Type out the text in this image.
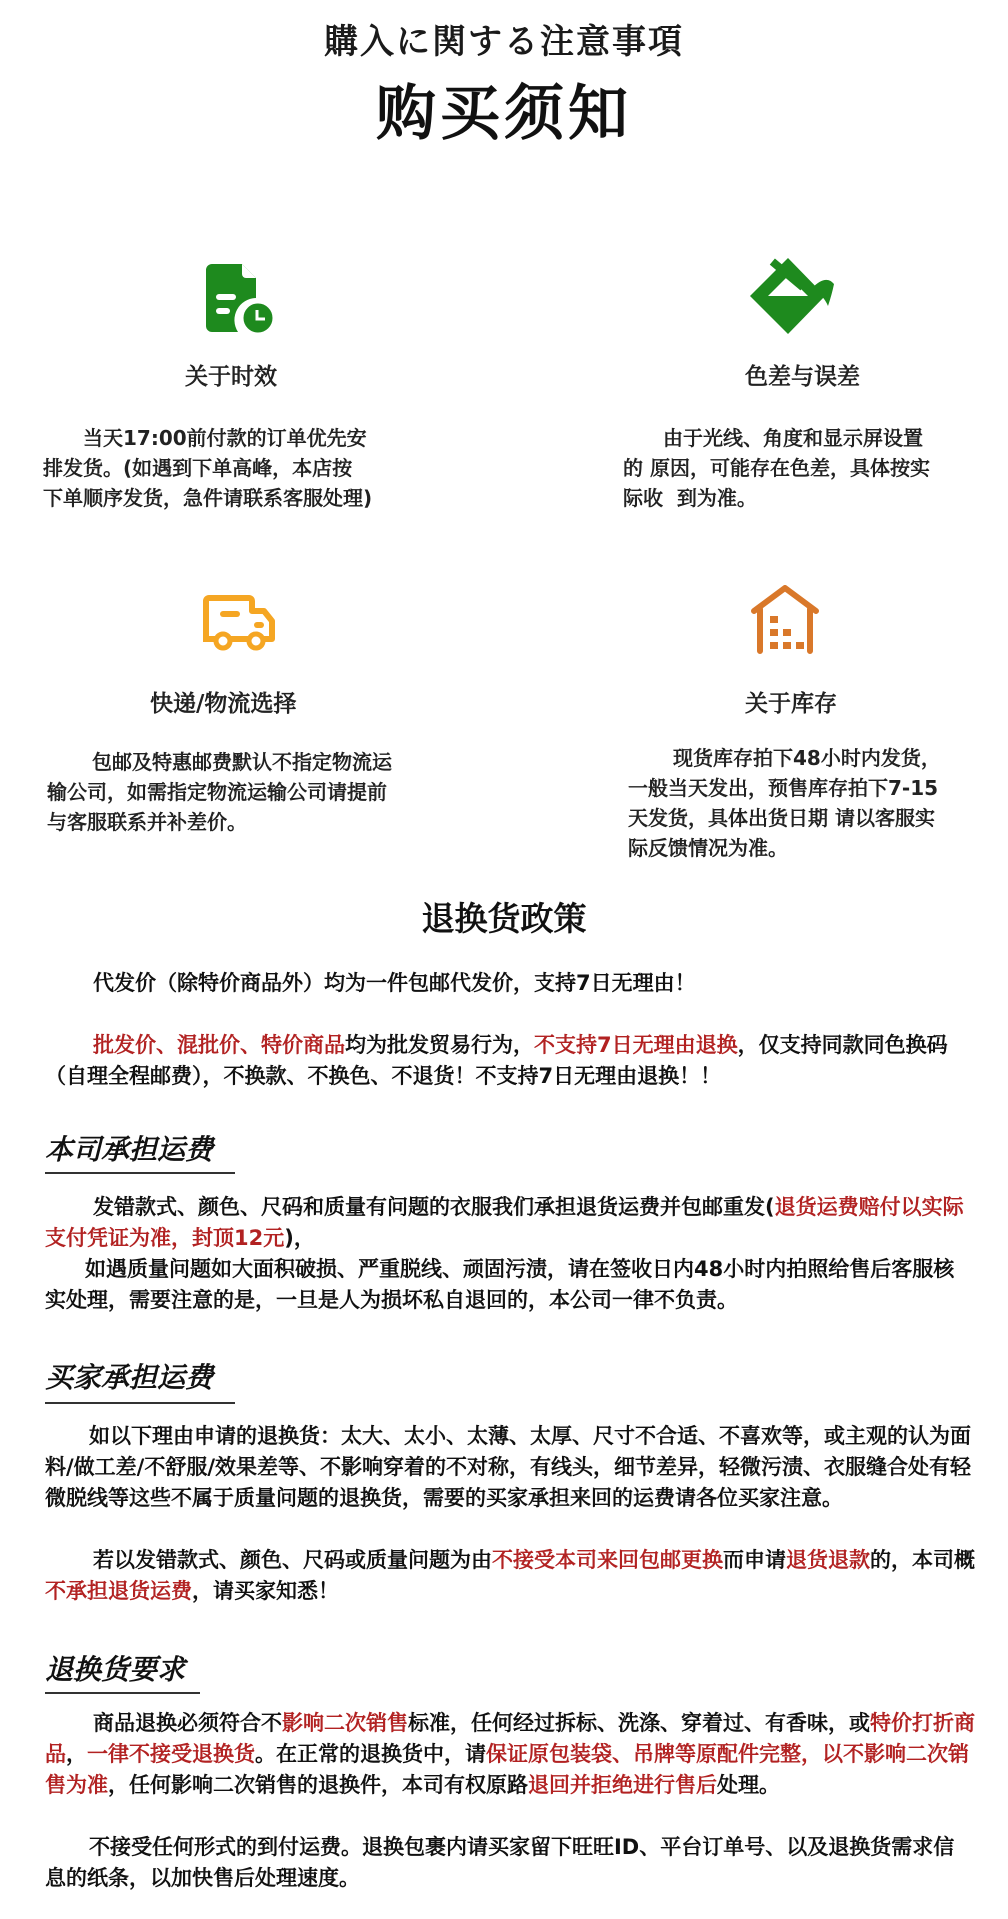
購入に関する注意事項
购买须知
关于时效
当天17:00前付款的订单优先安
排发货。(如遇到下单高峰，本店按
下单顺序发货，急件请联系客服处理)
色差与误差
由于光线、角度和显示屏设置
的 原因，可能存在色差，具体按实
际收  到为准。
快递/物流选择
包邮及特惠邮费默认不指定物流运
输公司，如需指定物流运输公司请提前
与客服联系并补差价。
关于库存
现货库存拍下48小时内发货，
一般当天发出，预售库存拍下7-15
天发货，具体出货日期 请以客服实
际反馈情况为准。
退换货政策
代发价（除特价商品外）均为一件包邮代发价，支持7日无理由！
批发价、混批价、特价商品均为批发贸易行为，不支持7日无理由退换，仅支持同款同色换码（自理全程邮费），不换款、不换色、不退货！不支持7日无理由退换！！
本司承担运费
发错款式、颜色、尺码和质量有问题的衣服我们承担退货运费并包邮重发(退货运费赔付以实际支付凭证为准，封顶12元)，
如遇质量问题如大面积破损、严重脱线、顽固污渍，请在签收日内48小时内拍照给售后客服核实处理，需要注意的是，一旦是人为损坏私自退回的，本公司一律不负责。
买家承担运费
如以下理由申请的退换货：太大、太小、太薄、太厚、尺寸不合适、不喜欢等，或主观的认为面料/做工差/不舒服/效果差等、不影响穿着的不对称，有线头，细节差异，轻微污渍、衣服缝合处有轻微脱线等这些不属于质量问题的退换货，需要的买家承担来回的运费请各位买家注意。
若以发错款式、颜色、尺码或质量问题为由不接受本司来回包邮更换而申请退货退款的，本司概不承担退货运费，请买家知悉！
退换货要求
商品退换必须符合不影响二次销售标准，任何经过拆标、洗涤、穿着过、有香味，或特价打折商品，一律不接受退换货。在正常的退换货中，请保证原包装袋、吊牌等原配件完整，以不影响二次销售为准，任何影响二次销售的退换件，本司有权原路退回并拒绝进行售后处理。
不接受任何形式的到付运费。退换包裹内请买家留下旺旺ID、平台订单号、以及退换货需求信息的纸条，以加快售后处理速度。
